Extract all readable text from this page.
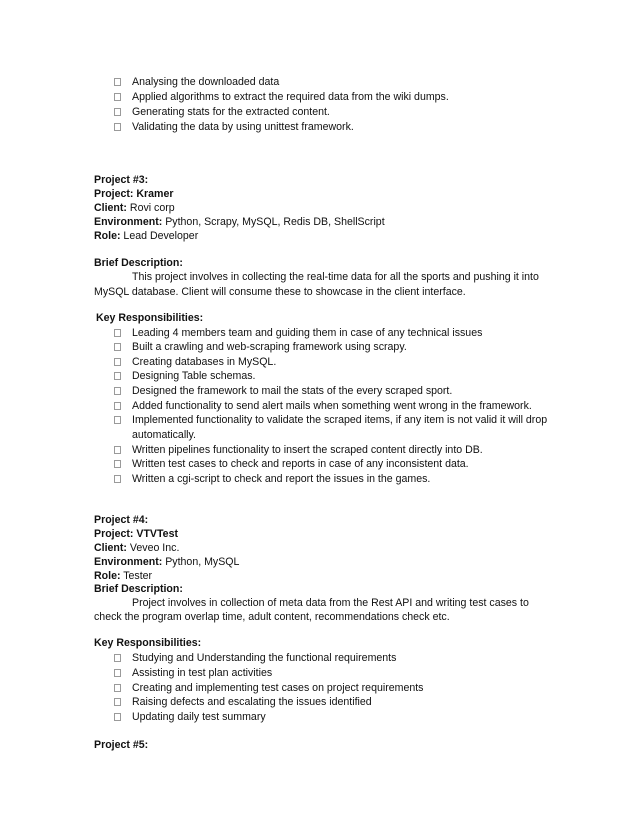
Analysing the downloaded data
Applied algorithms to extract the required data from the wiki dumps.
Generating stats for the extracted content.
Validating the data by using unittest framework.
Project #3:
Project: Kramer
Client: Rovi corp
Environment: Python, Scrapy, MySQL, Redis DB, ShellScript
Role: Lead Developer
Brief Description:
This project involves in collecting the real-time data for all the sports and pushing it into
MySQL database. Client will consume these to showcase in the client interface.
Key Responsibilities:
Leading 4 members team and guiding them in case of any technical issues
Built a crawling and web-scraping framework using scrapy.
Creating databases in MySQL.
Designing Table schemas.
Designed the framework to mail the stats of the every scraped sport.
Added functionality to send alert mails when something went wrong in the framework.
Implemented functionality to validate the scraped items, if any item is not valid it will drop
automatically.
Written pipelines functionality to insert the scraped content directly into DB.
Written test cases to check and reports in case of any inconsistent data.
Written a cgi-script to check and report the issues in the games.
Project #4:
Project: VTVTest
Client: Veveo Inc.
Environment: Python, MySQL
Role: Tester
Brief Description:
Project involves in collection of meta data from the Rest API and writing test cases to
check the program overlap time, adult content, recommendations check etc.
Key Responsibilities:
Studying and Understanding the functional requirements
Assisting in test plan activities
Creating and implementing test cases on project requirements
Raising defects and escalating the issues identified
Updating daily test summary
Project #5:
